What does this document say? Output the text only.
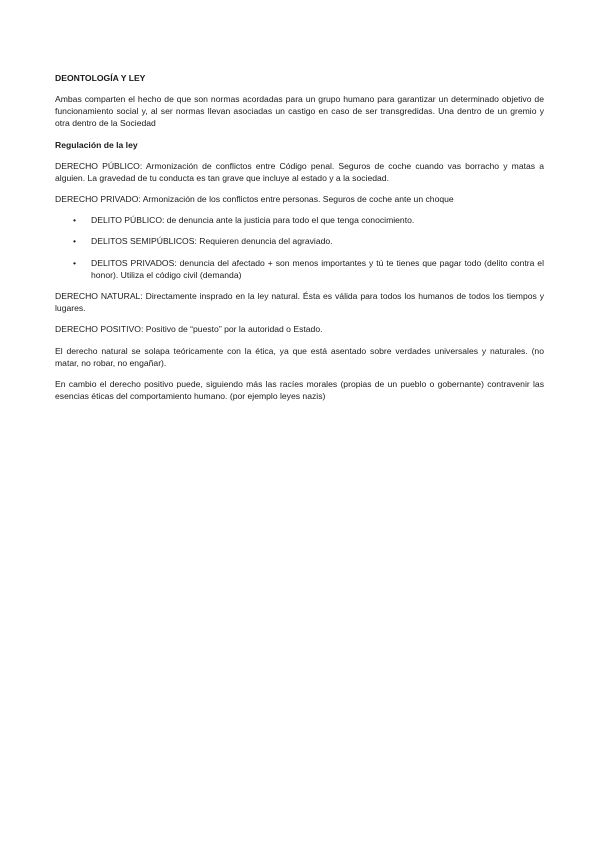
DEONTOLOGÍA Y LEY
Ambas comparten el hecho de que son normas acordadas para un grupo humano para garantizar un determinado objetivo de funcionamiento social y, al ser normas llevan asociadas un castigo en caso de ser transgredidas. Una dentro de un gremio y otra dentro de la Sociedad
Regulación de la ley
DERECHO PÚBLICO: Armonización de conflictos entre Código penal. Seguros de coche cuando vas borracho y matas a alguien. La gravedad de tu conducta es tan grave que incluye al estado y a la sociedad.
DERECHO PRIVADO: Armonización de los conflictos entre personas. Seguros de coche ante un choque
• DELITO PÚBLICO: de denuncia ante la justicia para todo el que tenga conocimiento.
• DELITOS SEMIPÚBLICOS: Requieren denuncia del agraviado.
• DELITOS PRIVADOS: denuncia del afectado + son menos importantes y tú te tienes que pagar todo (delito contra el honor). Utiliza el código civil (demanda)
DERECHO NATURAL: Directamente insprado en la ley natural. Ésta es válida para todos los humanos de todos los tiempos y lugares.
DERECHO POSITIVO: Positivo de “puesto” por la autoridad o Estado.
El derecho natural se solapa teóricamente con la ética, ya que está asentado sobre verdades universales y naturales. (no matar, no robar, no engañar).
En cambio el derecho positivo puede, siguiendo más las racíes morales (propias de un pueblo o gobernante) contravenir las esencias éticas del comportamiento humano. (por ejemplo leyes nazis)
